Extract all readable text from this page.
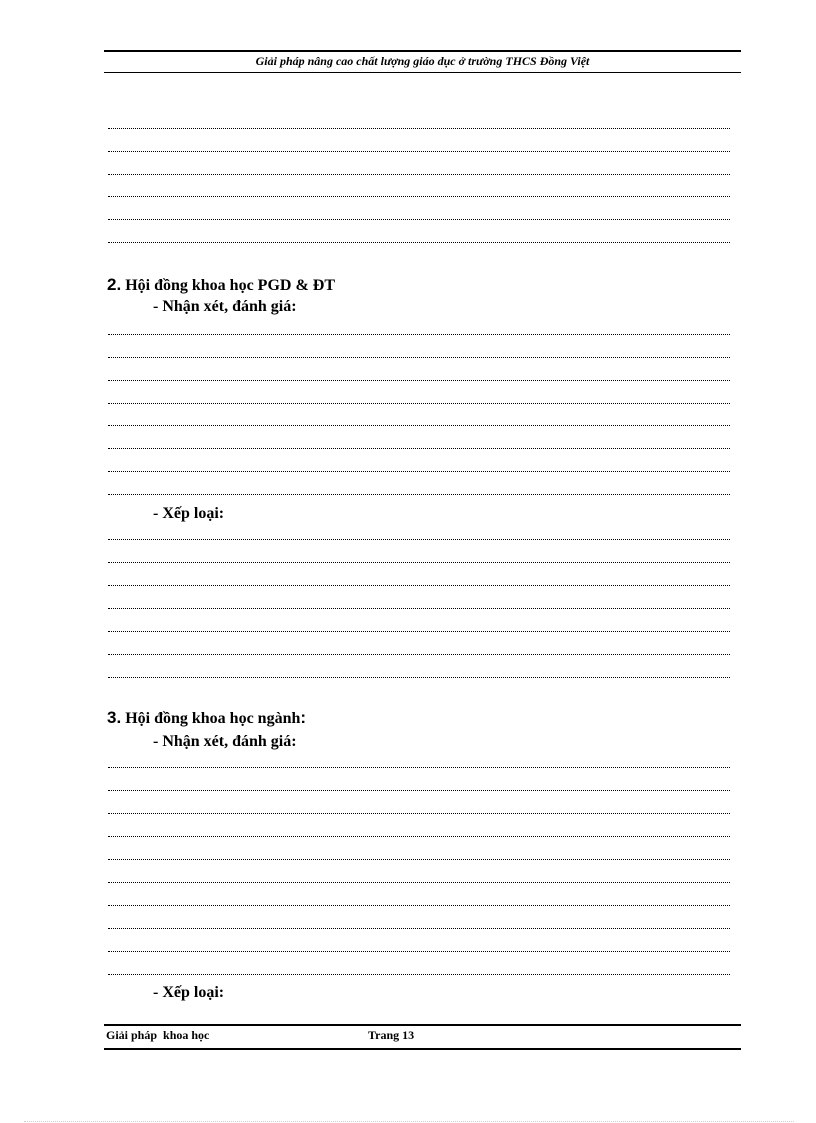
Giải pháp nâng cao chất lượng giáo dục ở trường THCS Đồng Việt
2. Hội đồng khoa học PGD & ĐT
- Nhận xét, đánh giá:
- Xếp loại:
3. Hội đồng khoa học ngành:
- Nhận xét, đánh giá:
- Xếp loại:
Giải pháp  khoa học	Trang 13
